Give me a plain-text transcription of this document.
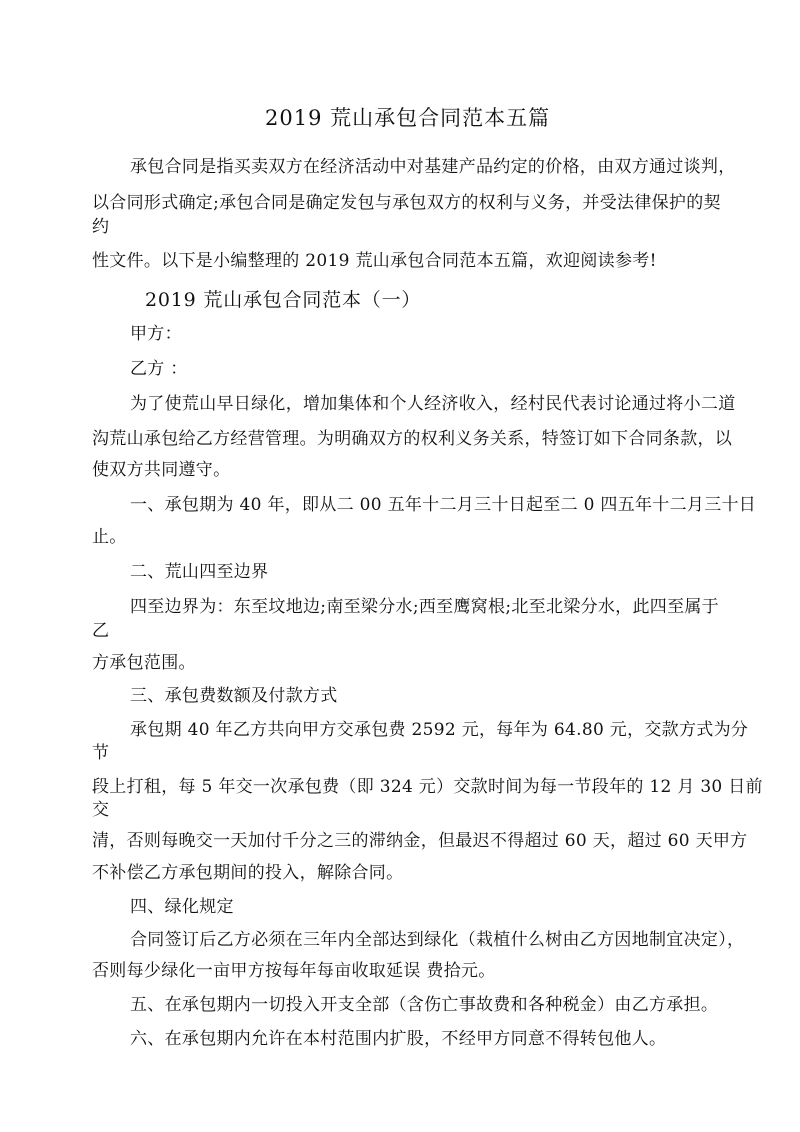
2019 荒山承包合同范本五篇
承包合同是指买卖双方在经济活动中对基建产品约定的价格，由双方通过谈判，
以合同形式确定;承包合同是确定发包与承包双方的权利与义务，并受法律保护的契
约
性文件。以下是小编整理的 2019 荒山承包合同范本五篇，欢迎阅读参考!
2019 荒山承包合同范本（一）
甲方：
乙方 ：
为了使荒山早日绿化，增加集体和个人经济收入，经村民代表讨论通过将小二道
沟荒山承包给乙方经营管理。为明确双方的权利义务关系，特签订如下合同条款，以
使双方共同遵守。
一、承包期为 40 年，即从二 00 五年十二月三十日起至二 0 四五年十二月三十日
止。
二、荒山四至边界
四至边界为：东至坟地边;南至梁分水;西至鹰窝根;北至北梁分水，此四至属于
乙
方承包范围。
三、承包费数额及付款方式
承包期 40 年乙方共向甲方交承包费 2592 元，每年为 64.80 元，交款方式为分
节
段上打租，每 5 年交一次承包费（即 324 元）交款时间为每一节段年的 12 月 30 日前
交
清，否则每晚交一天加付千分之三的滞纳金，但最迟不得超过 60 天，超过 60 天甲方
不补偿乙方承包期间的投入，解除合同。
四、绿化规定
合同签订后乙方必须在三年内全部达到绿化（栽植什么树由乙方因地制宜决定），
否则每少绿化一亩甲方按每年每亩收取延误 费拾元。
五、在承包期内一切投入开支全部（含伤亡事故费和各种税金）由乙方承担。
六、在承包期内允许在本村范围内扩股，不经甲方同意不得转包他人。
